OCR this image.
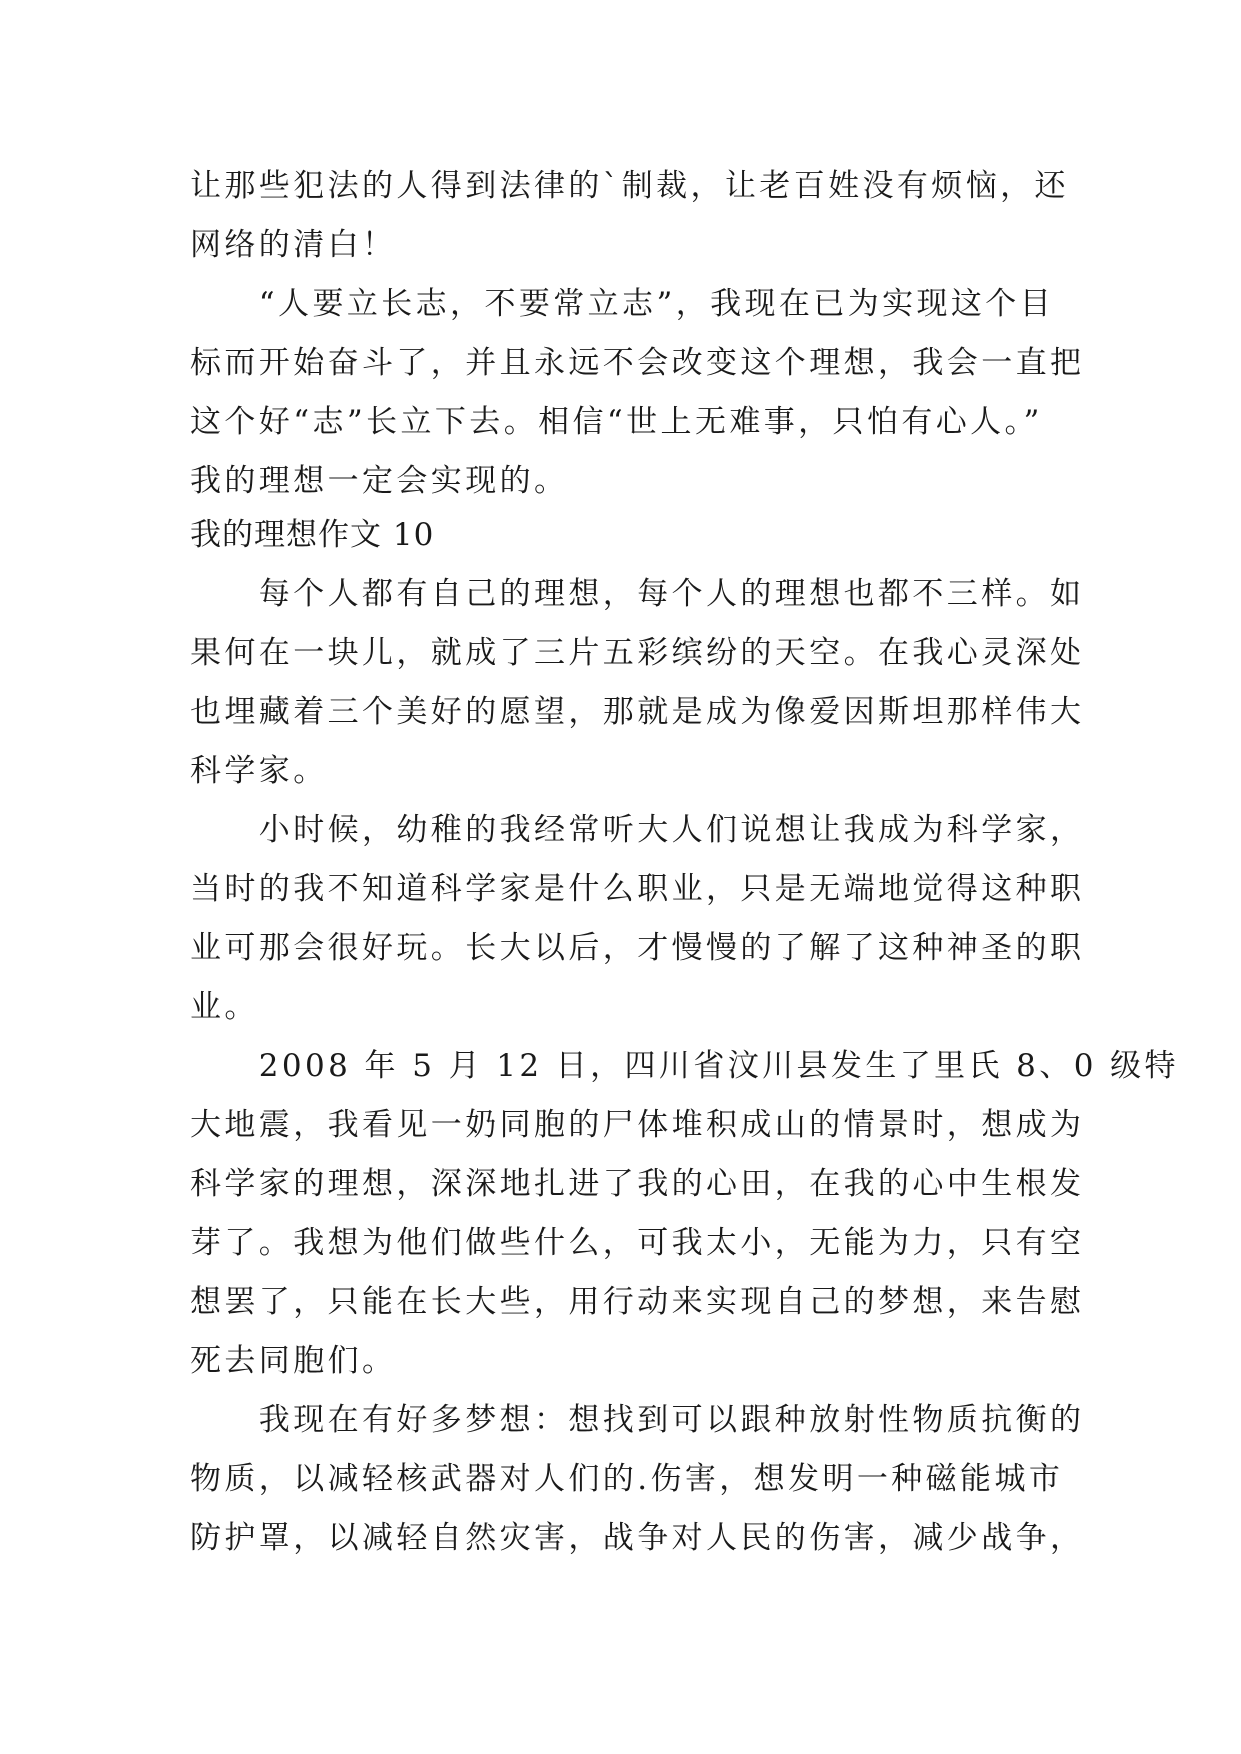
让那些犯法的人得到法律的`制裁，让老百姓没有烦恼，还
网络的清白！
　　“人要立长志，不要常立志”，我现在已为实现这个目
标而开始奋斗了，并且永远不会改变这个理想，我会一直把
这个好“志”长立下去。相信“世上无难事，只怕有心人。”
我的理想一定会实现的。
我的理想作文 10
　　每个人都有自己的理想，每个人的理想也都不三样。如
果何在一块儿，就成了三片五彩缤纷的天空。在我心灵深处
也埋藏着三个美好的愿望，那就是成为像爱因斯坦那样伟大
科学家。
　　小时候，幼稚的我经常听大人们说想让我成为科学家，
当时的我不知道科学家是什么职业，只是无端地觉得这种职
业可那会很好玩。长大以后，才慢慢的了解了这种神圣的职
业。
　　2008 年 5 月 12 日，四川省汶川县发生了里氏 8、0 级特
大地震，我看见一奶同胞的尸体堆积成山的情景时，想成为
科学家的理想，深深地扎进了我的心田，在我的心中生根发
芽了。我想为他们做些什么，可我太小，无能为力，只有空
想罢了，只能在长大些，用行动来实现自己的梦想，来告慰
死去同胞们。
　　我现在有好多梦想：想找到可以跟种放射性物质抗衡的
物质，以减轻核武器对人们的.伤害，想发明一种磁能城市
防护罩，以减轻自然灾害，战争对人民的伤害，减少战争，
